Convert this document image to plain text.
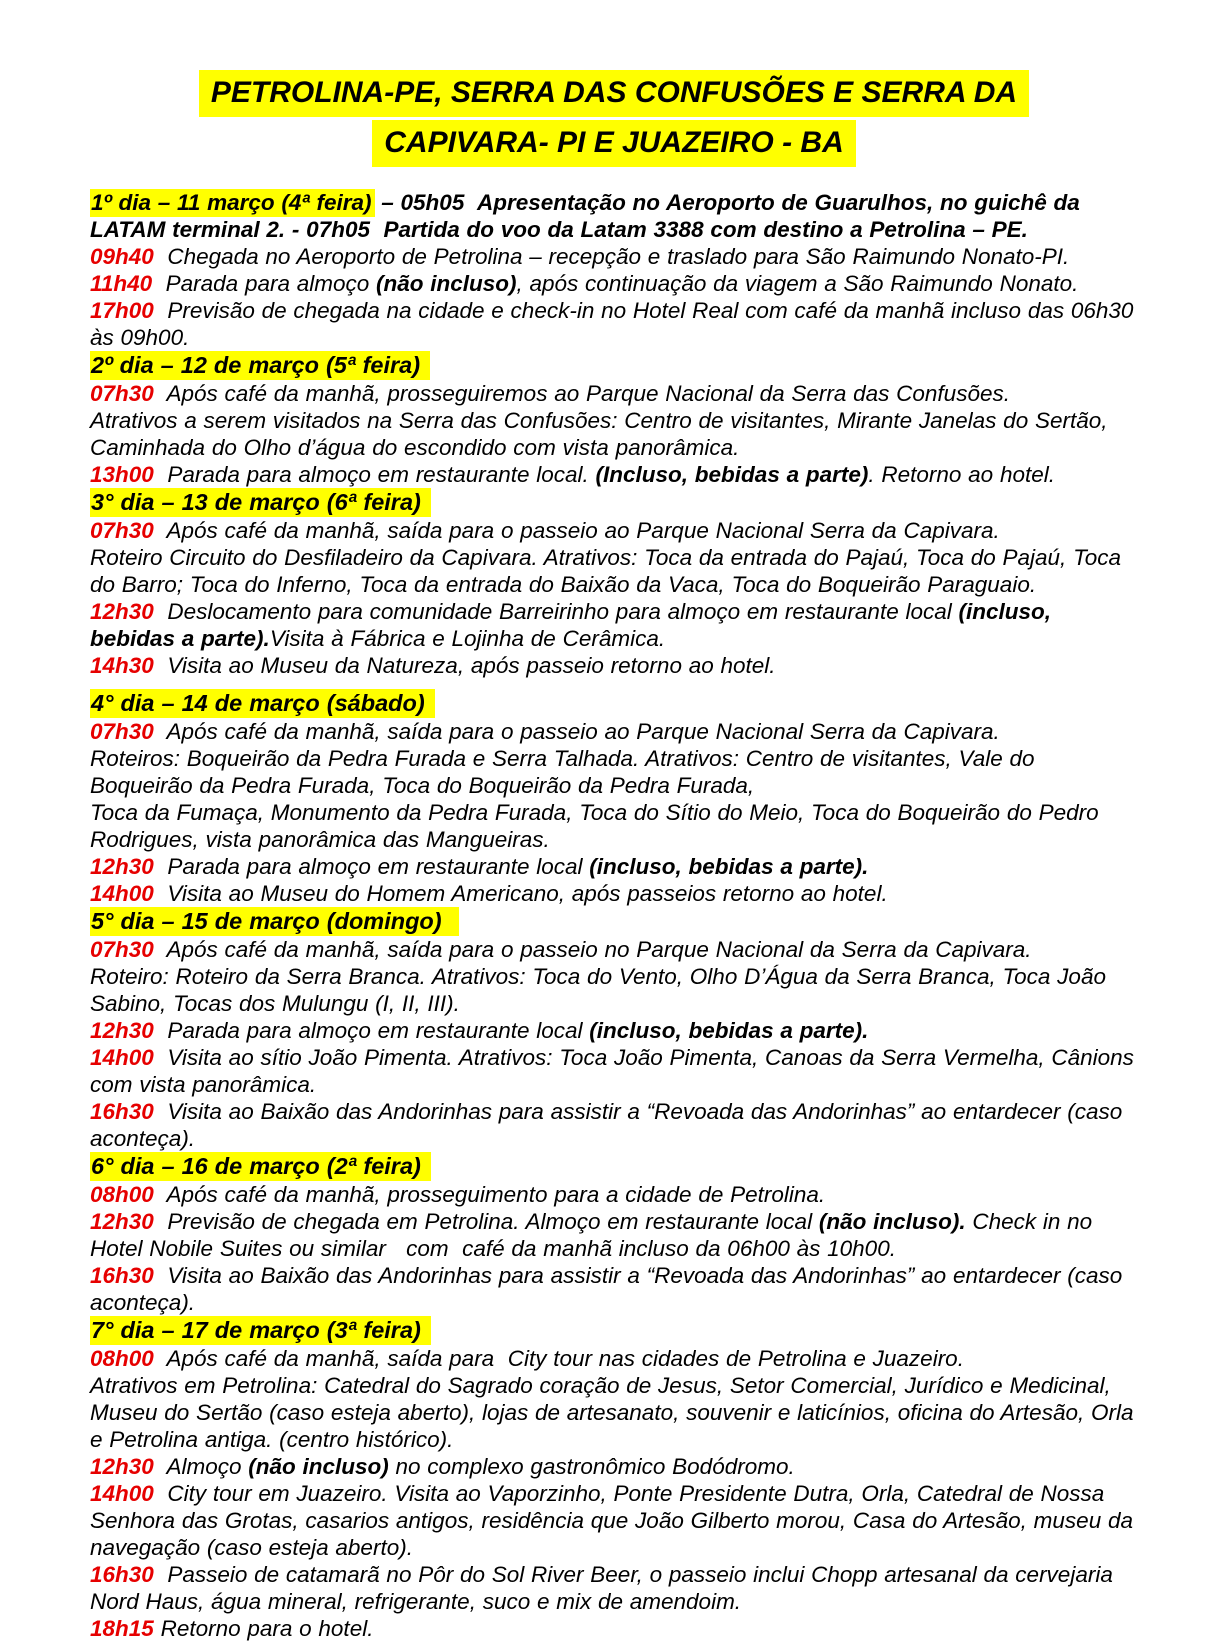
PETROLINA-PE, SERRA DAS CONFUSÕES E SERRA DA
CAPIVARA- PI E JUAZEIRO - BA

1º dia – 11 março (4ª feira) – 05h05  Apresentação no Aeroporto de Guarulhos, no guichê da LATAM terminal 2. - 07h05  Partida do voo da Latam 3388 com destino a Petrolina – PE.

09h40  Chegada no Aeroporto de Petrolina – recepção e traslado para São Raimundo Nonato-PI.

11h40  Parada para almoço (não incluso), após continuação da viagem a São Raimundo Nonato.

17h00  Previsão de chegada na cidade e check-in no Hotel Real com café da manhã incluso das 06h30 às 09h00.

2º dia – 12 de março (5ª feira)

07h30  Após café da manhã, prosseguiremos ao Parque Nacional da Serra das Confusões.

Atrativos a serem visitados na Serra das Confusões: Centro de visitantes, Mirante Janelas do Sertão, Caminhada do Olho d’água do escondido com vista panorâmica.

13h00  Parada para almoço em restaurante local. (Incluso, bebidas a parte). Retorno ao hotel.

3° dia – 13 de março (6ª feira)

07h30  Após café da manhã, saída para o passeio ao Parque Nacional Serra da Capivara.

Roteiro Circuito do Desfiladeiro da Capivara. Atrativos: Toca da entrada do Pajaú, Toca do Pajaú, Toca do Barro; Toca do Inferno, Toca da entrada do Baixão da Vaca, Toca do Boqueirão Paraguaio.

12h30  Deslocamento para comunidade Barreirinho para almoço em restaurante local (incluso, bebidas a parte).Visita à Fábrica e Lojinha de Cerâmica.

14h30  Visita ao Museu da Natureza, após passeio retorno ao hotel.

4° dia – 14 de março (sábado)

07h30  Após café da manhã, saída para o passeio ao Parque Nacional Serra da Capivara.

Roteiros: Boqueirão da Pedra Furada e Serra Talhada. Atrativos: Centro de visitantes, Vale do Boqueirão da Pedra Furada, Toca do Boqueirão da Pedra Furada,

Toca da Fumaça, Monumento da Pedra Furada, Toca do Sítio do Meio, Toca do Boqueirão do Pedro Rodrigues, vista panorâmica das Mangueiras.

12h30  Parada para almoço em restaurante local (incluso, bebidas a parte).

14h00  Visita ao Museu do Homem Americano, após passeios retorno ao hotel.

5° dia – 15 de março (domingo)

07h30  Após café da manhã, saída para o passeio no Parque Nacional da Serra da Capivara.

Roteiro: Roteiro da Serra Branca. Atrativos: Toca do Vento, Olho D’Água da Serra Branca, Toca João Sabino, Tocas dos Mulungu (I, II, III).

12h30  Parada para almoço em restaurante local (incluso, bebidas a parte).

14h00  Visita ao sítio João Pimenta. Atrativos: Toca João Pimenta, Canoas da Serra Vermelha, Cânions com vista panorâmica.

16h30  Visita ao Baixão das Andorinhas para assistir a “Revoada das Andorinhas” ao entardecer (caso aconteça).

6° dia – 16 de março (2ª feira)

08h00  Após café da manhã, prosseguimento para a cidade de Petrolina.

12h30  Previsão de chegada em Petrolina. Almoço em restaurante local (não incluso). Check in no Hotel Nobile Suites ou similar   com  café da manhã incluso da 06h00 às 10h00.

16h30  Visita ao Baixão das Andorinhas para assistir a “Revoada das Andorinhas” ao entardecer (caso aconteça).

7° dia – 17 de março (3ª feira)

08h00  Após café da manhã, saída para  City tour nas cidades de Petrolina e Juazeiro.

Atrativos em Petrolina: Catedral do Sagrado coração de Jesus, Setor Comercial, Jurídico e Medicinal, Museu do Sertão (caso esteja aberto), lojas de artesanato, souvenir e laticínios, oficina do Artesão, Orla e Petrolina antiga. (centro histórico).

12h30  Almoço (não incluso) no complexo gastronômico Bodódromo.

14h00  City tour em Juazeiro. Visita ao Vaporzinho, Ponte Presidente Dutra, Orla, Catedral de Nossa Senhora das Grotas, casarios antigos, residência que João Gilberto morou, Casa do Artesão, museu da navegação (caso esteja aberto).

16h30  Passeio de catamarã no Pôr do Sol River Beer, o passeio inclui Chopp artesanal da cervejaria Nord Haus, água mineral, refrigerante, suco e mix de amendoim.

18h15 Retorno para o hotel.
